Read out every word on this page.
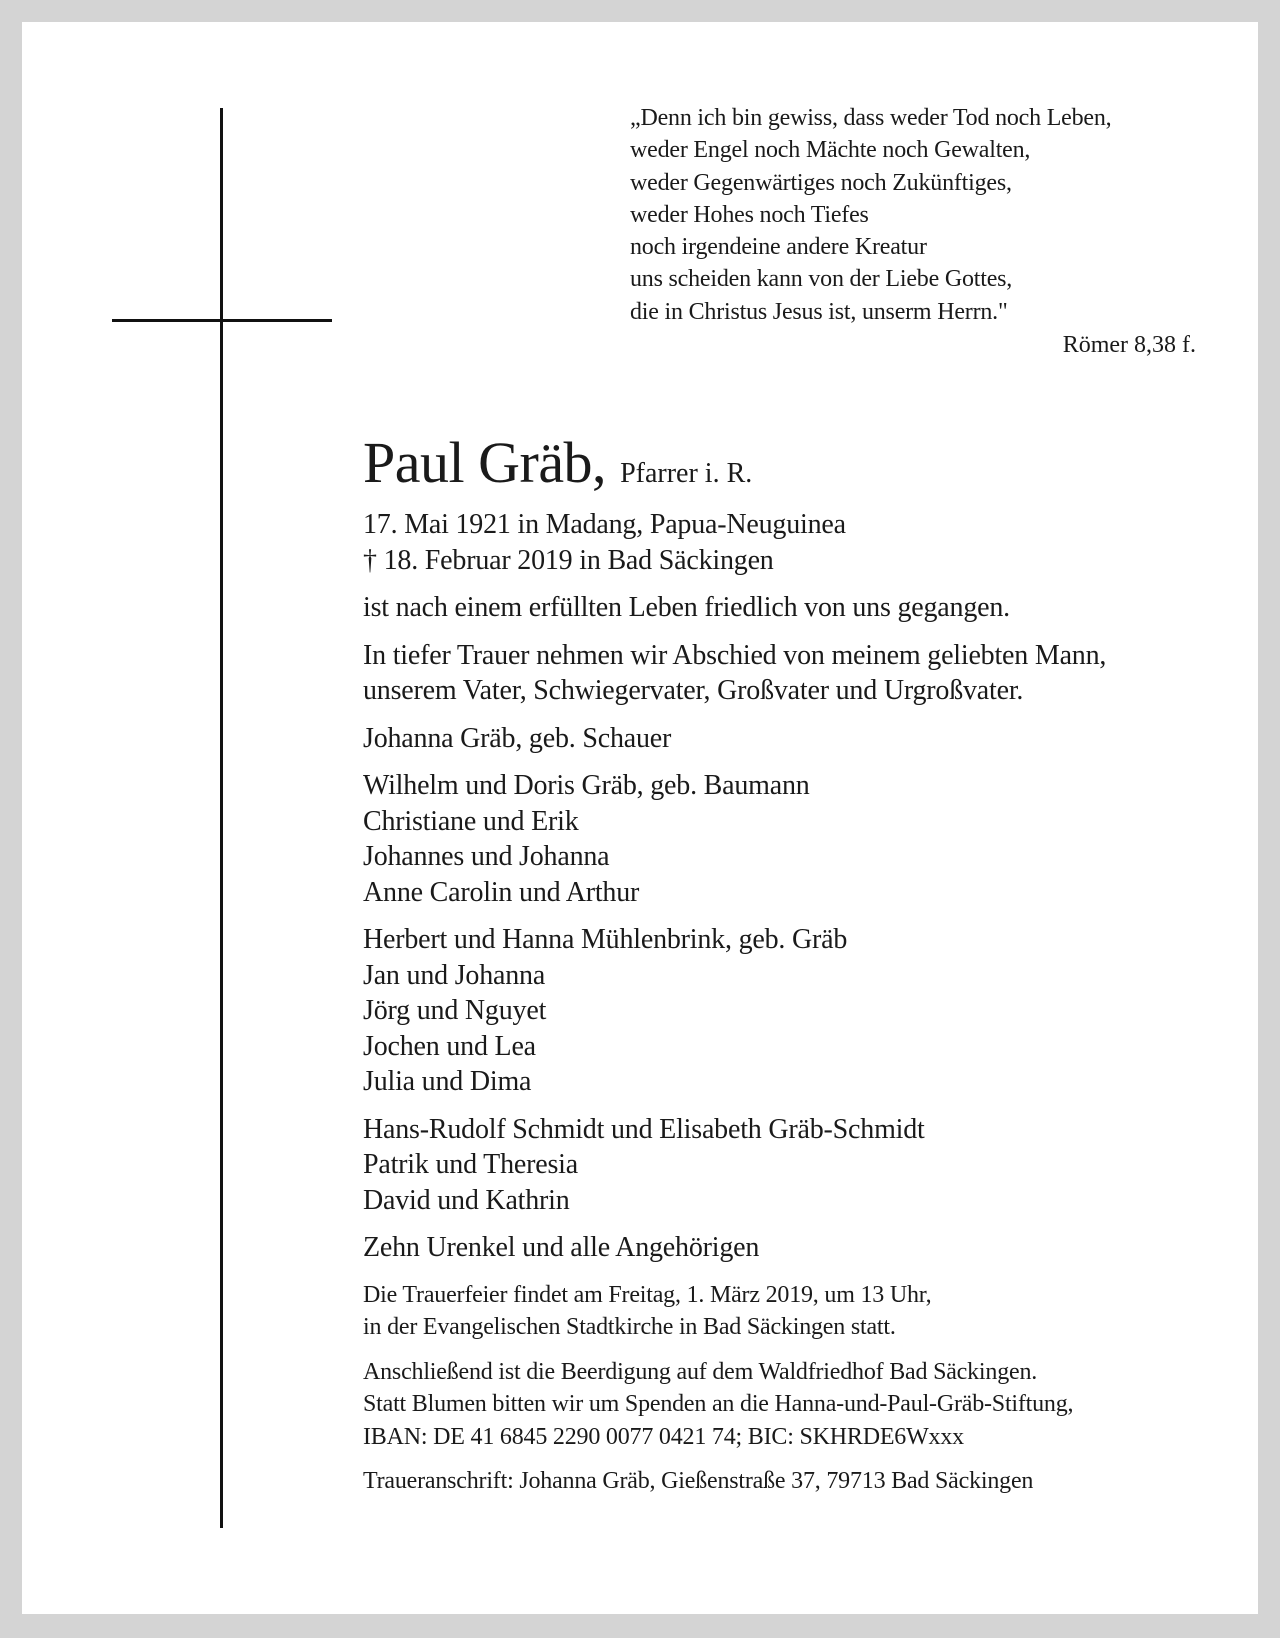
„Denn ich bin gewiss, dass weder Tod noch Leben,
weder Engel noch Mächte noch Gewalten,
weder Gegenwärtiges noch Zukünftiges,
weder Hohes noch Tiefes
noch irgendeine andere Kreatur
uns scheiden kann von der Liebe Gottes,
die in Christus Jesus ist, unserm Herrn."
Römer 8,38 f.

Paul Gräb, Pfarrer i. R.

17. Mai 1921 in Madang, Papua-Neuguinea
† 18. Februar 2019 in Bad Säckingen
ist nach einem erfüllten Leben friedlich von uns gegangen.
In tiefer Trauer nehmen wir Abschied von meinem geliebten Mann,
unserem Vater, Schwiegervater, Großvater und Urgroßvater.
Johanna Gräb, geb. Schauer
Wilhelm und Doris Gräb, geb. Baumann
Christiane und Erik
Johannes und Johanna
Anne Carolin und Arthur
Herbert und Hanna Mühlenbrink, geb. Gräb
Jan und Johanna
Jörg und Nguyet
Jochen und Lea
Julia und Dima
Hans-Rudolf Schmidt und Elisabeth Gräb-Schmidt
Patrik und Theresia
David und Kathrin
Zehn Urenkel und alle Angehörigen
Die Trauerfeier findet am Freitag, 1. März 2019, um 13 Uhr,
in der Evangelischen Stadtkirche in Bad Säckingen statt.
Anschließend ist die Beerdigung auf dem Waldfriedhof Bad Säckingen.
Statt Blumen bitten wir um Spenden an die Hanna-und-Paul-Gräb-Stiftung,
IBAN: DE 41 6845 2290 0077 0421 74; BIC: SKHRDE6Wxxx
Traueranschrift: Johanna Gräb, Gießenstraße 37, 79713 Bad Säckingen
